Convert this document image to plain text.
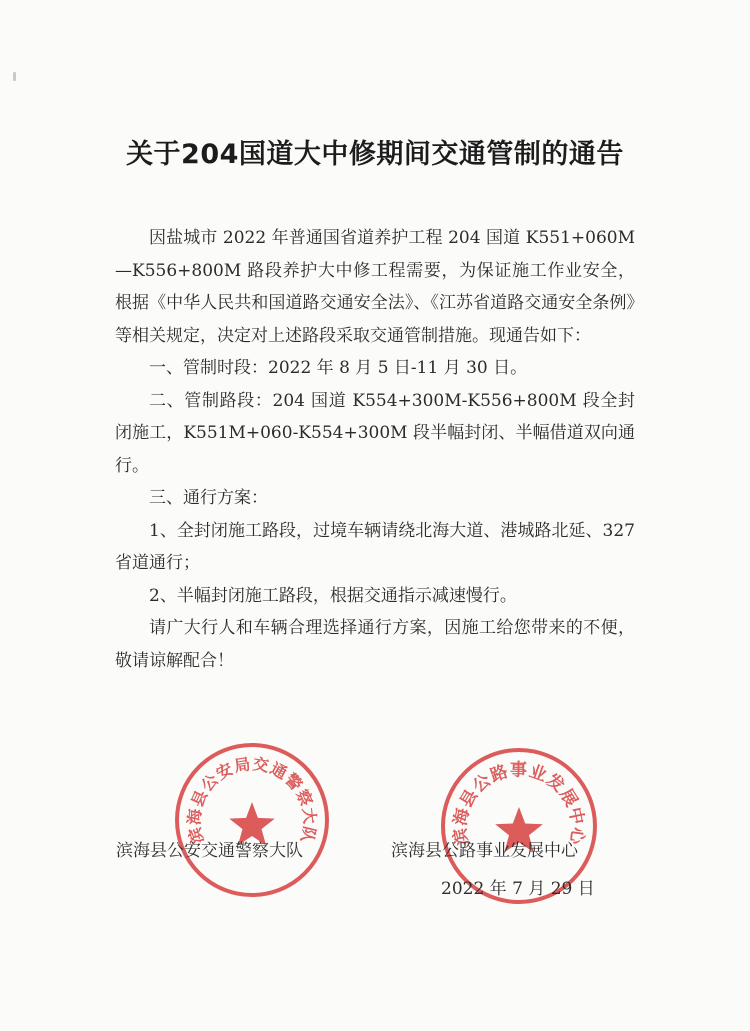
关于204国道大中修期间交通管制的通告

因盐城市 2022 年普通国省道养护工程 204 国道 K551+060M—K556+800M 路段养护大中修工程需要，为保证施工作业安全，根据《中华人民共和国道路交通安全法》、《江苏省道路交通安全条例》等相关规定，决定对上述路段采取交通管制措施。现通告如下：

一、管制时段：2022 年 8 月 5 日-11 月 30 日。

二、管制路段：204 国道 K554+300M-K556+800M 段全封闭施工，K551M+060-K554+300M 段半幅封闭、半幅借道双向通行。

三、通行方案：

1、全封闭施工路段，过境车辆请绕北海大道、港城路北延、327 省道通行；

2、半幅封闭施工路段，根据交通指示减速慢行。

请广大行人和车辆合理选择通行方案，因施工给您带来的不便，敬请谅解配合！

滨海县公安局交通警察大队	滨海县公路事业发展中心
滨海县公安交通警察大队	滨海县公路事业发展中心
2022 年 7 月 29 日
